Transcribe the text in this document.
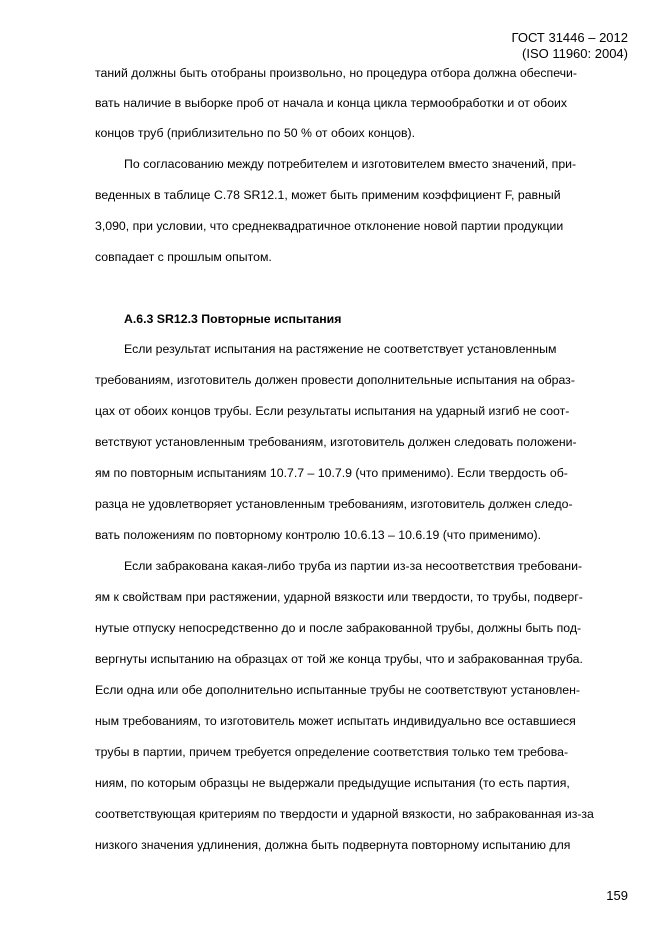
ГОСТ 31446 – 2012
(ISO 11960: 2004)
таний должны быть отобраны произвольно, но процедура отбора должна обеспечи-
вать наличие в выборке проб от начала и конца цикла термообработки и от обоих
концов труб (приблизительно по 50 % от обоих концов).
По согласованию между потребителем и изготовителем вместо значений, при-
веденных в таблице С.78 SR12.1, может быть применим коэффициент F, равный
3,090, при условии, что среднеквадратичное отклонение новой партии продукции
совпадает с прошлым опытом.
А.6.3 SR12.3 Повторные испытания
Если результат испытания на растяжение не соответствует установленным
требованиям, изготовитель должен провести дополнительные испытания на образ-
цах от обоих концов трубы. Если результаты испытания на ударный изгиб не соот-
ветствуют установленным требованиям, изготовитель должен следовать положени-
ям по повторным испытаниям 10.7.7 – 10.7.9 (что применимо). Если твердость об-
разца не удовлетворяет установленным требованиям, изготовитель должен следо-
вать положениям по повторному контролю 10.6.13 – 10.6.19 (что применимо).
Если забракована какая-либо труба из партии из-за несоответствия требовани-
ям к свойствам при растяжении, ударной вязкости или твердости, то трубы, подверг-
нутые отпуску непосредственно до и после забракованной трубы, должны быть под-
вергнуты испытанию на образцах от той же конца трубы, что и забракованная труба.
Если одна или обе дополнительно испытанные трубы не соответствуют установлен-
ным требованиям, то изготовитель может испытать индивидуально все оставшиеся
трубы в партии, причем требуется определение соответствия только тем требова-
ниям, по которым образцы не выдержали предыдущие испытания (то есть партия,
соответствующая критериям по твердости и ударной вязкости, но забракованная из-за
низкого значения удлинения, должна быть подвернута повторному испытанию для
159
